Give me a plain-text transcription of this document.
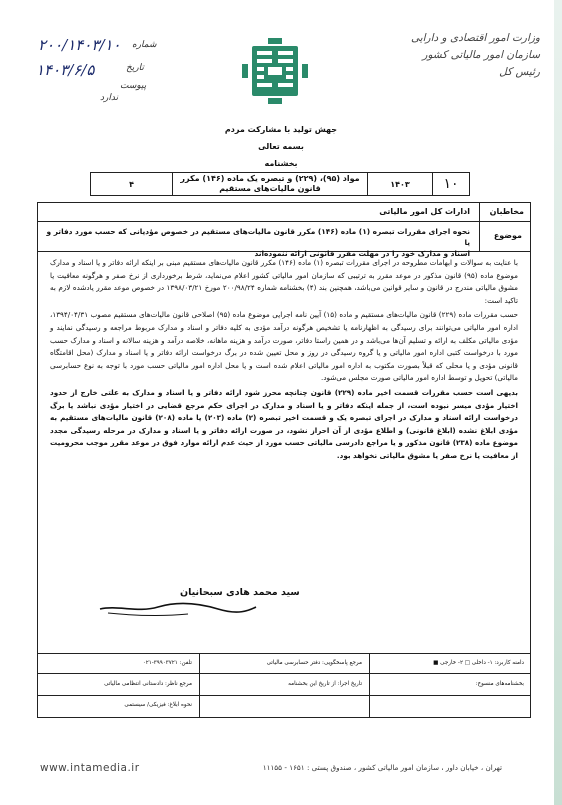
۲۰۰/۱۴۰۳/۱۰ شماره
۱۴۰۳/۶/۵	تاریخ
پیوست
ندارد
وزارت امور اقتصادی و دارایی
سازمان امور مالیاتی کشور
رئیس کل
جهش تولید با مشارکت مردم
بسمه تعالی
بخشنامه
۱۰
۱۴۰۳
مواد (۹۵)، (۲۲۹) و تبصره یک ماده (۱۴۶) مکرر
قانون مالیات‌های مستقیم
۴
مخاطبان
ادارات کل امور مالیاتی
موضوع
نحوه اجرای مقررات تبصره (۱) ماده (۱۴۶) مکرر قانون مالیات‌های مستقیم در خصوص مؤدیانی که حسب مورد دفاتر و یا
اسناد و مدارک خود را در مهلت مقرر قانونی ارائه ننموده‌اند

با عنایت به سوالات و ابهامات مطروحه در اجرای مقررات تبصره (۱) ماده (۱۴۶) مکرر قانون مالیات‌های مستقیم مبنی بر اینکه ارائه دفاتر و یا اسناد و مدارک موضوع ماده (۹۵) قانون مذکور در موعد مقرر به ترتیبی که سازمان امور مالیاتی کشور اعلام می‌نماید، شرط برخورداری از نرخ صفر و هرگونه معافیت یا مشوق مالیاتی مندرج در قانون و سایر قوانین می‌باشد، همچنین بند (۴) بخشنامه شماره ۲۰۰/۹۸/۲۴ مورخ ۱۳۹۸/۰۳/۲۱ در خصوص موعد مقرر یادشده لازم به تاکید است:

حسب مقررات ماده (۲۲۹) قانون مالیات‌های مستقیم و ماده (۱۵) آیین نامه اجرایی موضوع ماده (۹۵) اصلاحی قانون مالیات‌های مستقیم مصوب ۱۳۹۴/۰۴/۳۱، اداره امور مالیاتی می‌توانند برای رسیدگی به اظهارنامه یا تشخیص هرگونه درآمد مؤدی به کلیه دفاتر و اسناد و مدارک مربوط مراجعه و رسیدگی نمایند و مؤدی مالیاتی مکلف به ارائه و تسلیم آن‌ها می‌باشد و در همین راستا دفاتر، صورت درآمد و هزینه ماهانه، خلاصه درآمد و هزینه سالانه و اسناد و مدارک حسب مورد با درخواست کتبی اداره امور مالیاتی و یا گروه رسیدگی در روز و محل تعیین شده در برگ درخواست ارائه دفاتر و یا اسناد و مدارک (محل اقامتگاه قانونی مؤدی و یا محلی که قبلاً بصورت مکتوب به اداره امور مالیاتی اعلام شده است و یا محل اداره امور مالیاتی حسب مورد با توجه به نوع حسابرسی مالیاتی) تحویل و توسط اداره امور مالیاتی صورت مجلس می‌شود.

بدیهی است حسب مقررات قسمت اخیر ماده (۲۲۹) قانون چنانچه محرز شود ارائه دفاتر و یا اسناد و مدارک به علتی خارج از حدود اختیار مؤدی میسر نبوده است، از جمله اینکه دفاتر و یا اسناد و مدارک در اجرای حکم مرجع قضایی در اختیار مؤدی نباشد یا برگ درخواست ارائه اسناد و مدارک در اجرای تبصره یک و قسمت اخیر تبصره (۲) ماده (۲۰۳) یا ماده (۲۰۸) قانون مالیات‌های مستقیم به مؤدی ابلاغ نشده (ابلاغ قانونی) و اطلاع مؤدی از آن احراز نشود، در صورت ارائه دفاتر و یا اسناد و مدارک در مرحله رسیدگی مجدد موضوع ماده (۲۳۸) قانون مذکور و یا مراجع دادرسی مالیاتی حسب مورد از حیث عدم ارائه موارد فوق در موعد مقرر موجب محرومیت از معافیت یا نرخ صفر یا مشوق مالیاتی نخواهد بود.

سید محمد هادی سبحانیان
دامنه کاربرد: ۱- داخلی □ ۲- خارجی ■
مرجع پاسخگویی: دفتر حسابرسی مالیاتی
تلفن: ۳۹۹۰۳۷۲۱-۰۲۱
بخشنامه‌های منسوخ:
تاریخ اجرا: از تاریخ این بخشنامه
مرجع ناظر: دادستانی انتظامی مالیاتی
نحوه ابلاغ: فیزیکی/ سیستمی
www.intamedia.ir	تهران ، خیابان داور ، سازمان امور مالیاتی کشور ، صندوق پستی : ۱۶۵۱ - ۱۱۱۵۵
